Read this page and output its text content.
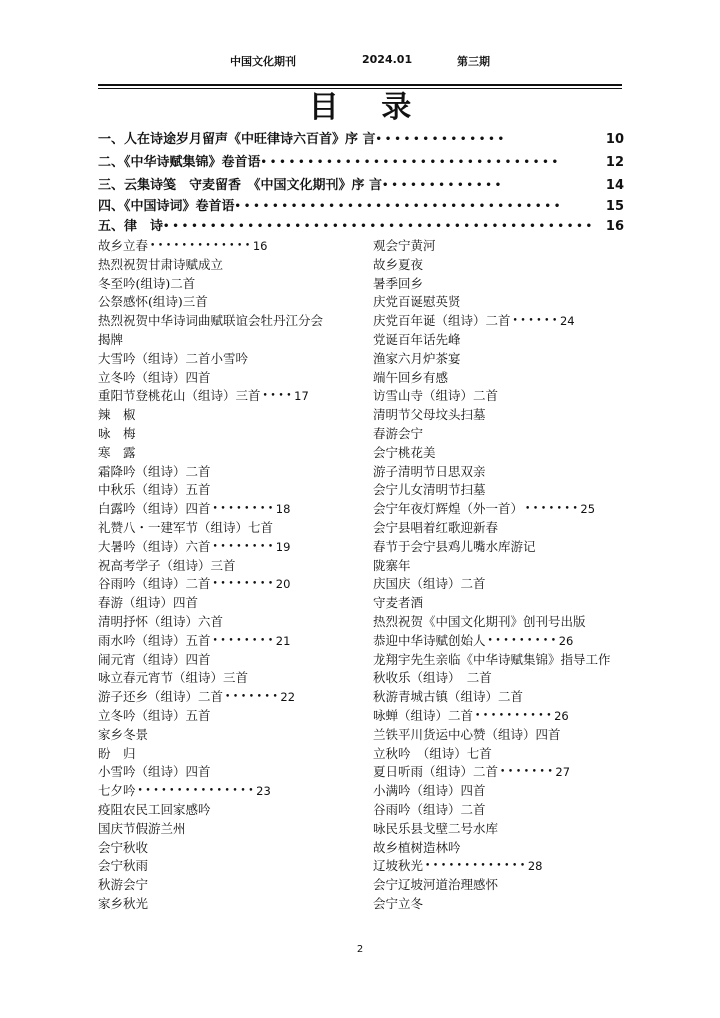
中国文化期刊	2024.01	第三期
目 录
一、人在诗途岁月留声《中旺律诗六百首》序 言 ••••••••••••••	10
二、《中华诗赋集锦》卷首语 ••••••••••••••••••••••••••••••••	12
三、云集诗笺　守麦留香　《中国文化期刊》序 言 •••••••••••••	14
四、《中国诗词》卷首语 •••••••••••••••••••••••••••••••••••	15
五、律　诗 •••••••••••••••••••••••••••••••••••••••••••••• 16
故乡立春 ••••••••••••• 16
热烈祝贺甘肃诗赋成立
冬至吟(组诗)二首
公祭感怀(组诗)三首
热烈祝贺中华诗词曲赋联谊会牡丹江分会
揭牌
大雪吟（组诗）二首小雪吟
立冬吟（组诗）四首
重阳节登桃花山（组诗）三首 •••• 17
辣　椒
咏　梅
寒　露
霜降吟（组诗）二首
中秋乐（组诗）五首
白露吟（组诗）四首 •••••••• 18
礼赞八・一建军节（组诗）七首
大暑吟（组诗）六首 •••••••• 19
祝高考学子（组诗）三首
谷雨吟（组诗）二首 •••••••• 20
春游（组诗）四首
清明抒怀（组诗）六首
雨水吟（组诗）五首 •••••••• 21
闹元宵（组诗）四首
咏立春元宵节（组诗）三首
游子还乡（组诗）二首 ••••••• 22
立冬吟（组诗）五首
家乡冬景
盼　归
小雪吟（组诗）四首
七夕吟 ••••••••••••••• 23
疫阻农民工回家感吟
国庆节假游兰州
会宁秋收
会宁秋雨
秋游会宁
家乡秋光
观会宁黄河
故乡夏夜
暑季回乡
庆党百诞慰英贤
庆党百年诞（组诗）二首 •••••• 24
党诞百年话先峰
渔家六月炉茶宴
端午回乡有感
访雪山寺（组诗）二首
清明节父母坟头扫墓
春游会宁
会宁桃花美
游子清明节日思双亲
会宁儿女清明节扫墓
会宁年夜灯辉煌（外一首） ••••••• 25
会宁县唱着红歌迎新春
春节于会宁县鸡儿嘴水库游记
陇寨年
庆国庆（组诗）二首
守麦者酒
热烈祝贺《中国文化期刊》创刊号出版
恭迎中华诗赋创始人 ••••••••• 26
龙翔宇先生亲临《中华诗赋集锦》指导工作
秋收乐（组诗）　二首
秋游青城古镇（组诗）二首
咏蝉（组诗）二首 •••••••••• 26
兰铁平川货运中心赞（组诗）四首
立秋吟　（组诗）七首
夏日听雨（组诗）二首 ••••••• 27
小满吟（组诗）四首
谷雨吟（组诗）二首
咏民乐县戈壁二号水库
故乡植树造林吟
辽坡秋光 ••••••••••••• 28
会宁辽坡河道治理感怀
会宁立冬
2
